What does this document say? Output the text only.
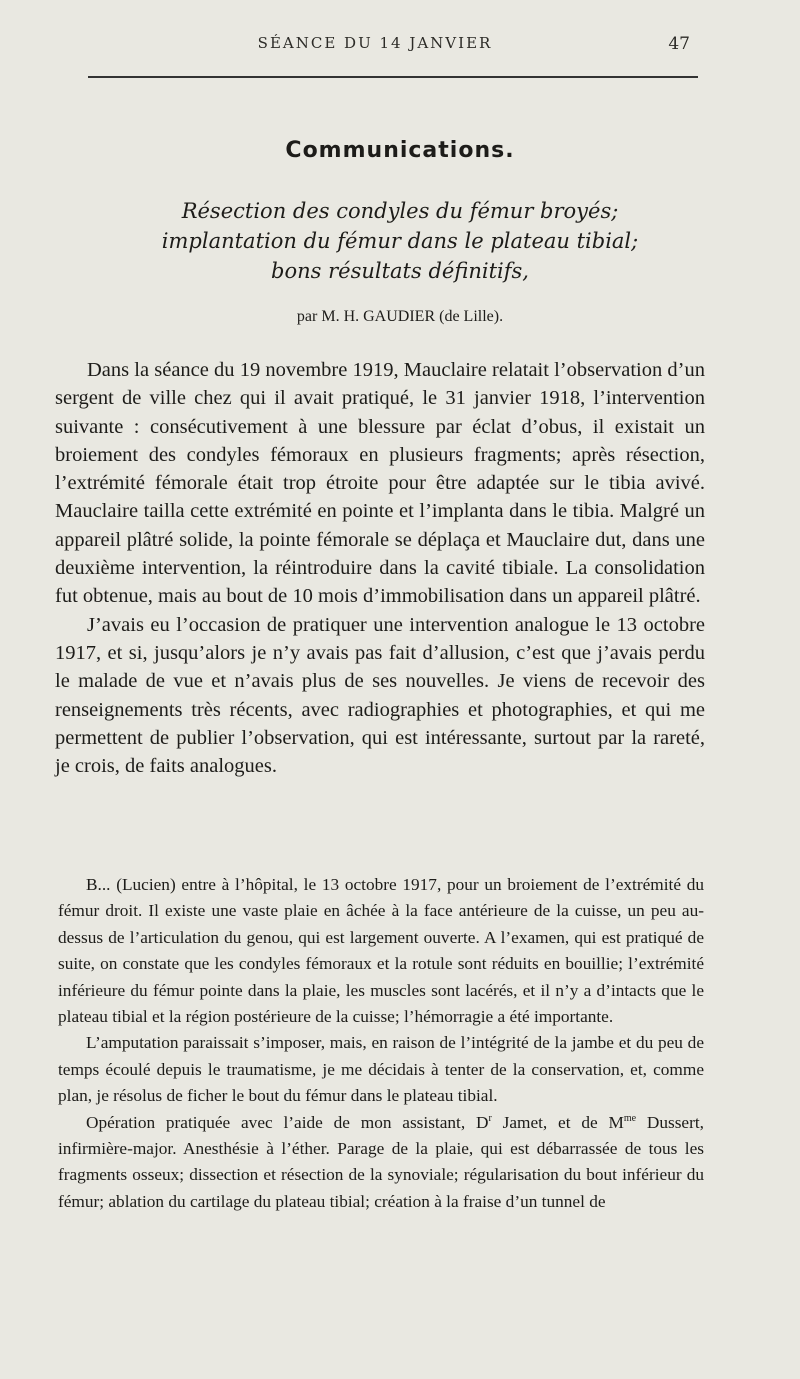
SÉANCE DU 14 JANVIER	47
Communications.
Résection des condyles du fémur broyés;
implantation du fémur dans le plateau tibial;
bons résultats définitifs,
par M. H. GAUDIER (de Lille).

Dans la séance du 19 novembre 1919, Mauclaire relatait l’observation d’un sergent de ville chez qui il avait pratiqué, le 31 janvier 1918, l’intervention suivante : consécutivement à une blessure par éclat d’obus, il existait un broiement des condyles fémoraux en plusieurs fragments; après résection, l’extrémité fémorale était trop étroite pour être adaptée sur le tibia avivé. Mauclaire tailla cette extrémité en pointe et l’implanta dans le tibia. Malgré un appareil plâtré solide, la pointe fémorale se déplaça et Mauclaire dut, dans une deuxième intervention, la réintroduire dans la cavité tibiale. La consolidation fut obtenue, mais au bout de 10 mois d’immobilisation dans un appareil plâtré.

J’avais eu l’occasion de pratiquer une intervention analogue le 13 octobre 1917, et si, jusqu’alors je n’y avais pas fait d’allusion, c’est que j’avais perdu le malade de vue et n’avais plus de ses nouvelles. Je viens de recevoir des renseignements très récents, avec radiographies et photographies, et qui me permettent de publier l’observation, qui est intéressante, surtout par la rareté, je crois, de faits analogues.

B... (Lucien) entre à l’hôpital, le 13 octobre 1917, pour un broiement de l’extrémité du fémur droit. Il existe une vaste plaie en âchée à la face antérieure de la cuisse, un peu au-dessus de l’articulation du genou, qui est largement ouverte. A l’examen, qui est pratiqué de suite, on constate que les condyles fémoraux et la rotule sont réduits en bouillie; l’extrémité inférieure du fémur pointe dans la plaie, les muscles sont lacérés, et il n’y a d’intacts que le plateau tibial et la région postérieure de la cuisse; l’hémorragie a été importante.

L’amputation paraissait s’imposer, mais, en raison de l’intégrité de la jambe et du peu de temps écoulé depuis le traumatisme, je me décidais à tenter de la conservation, et, comme plan, je résolus de ficher le bout du fémur dans le plateau tibial.

Opération pratiquée avec l’aide de mon assistant, $D^r$ Jamet, et de $M^{me}$ Dussert, infirmière-major. Anesthésie à l’éther. Parage de la plaie, qui est débarrassée de tous les fragments osseux; dissection et résection de la synoviale; régularisation du bout inférieur du fémur; ablation du cartilage du plateau tibial; création à la fraise d’un tunnel de
